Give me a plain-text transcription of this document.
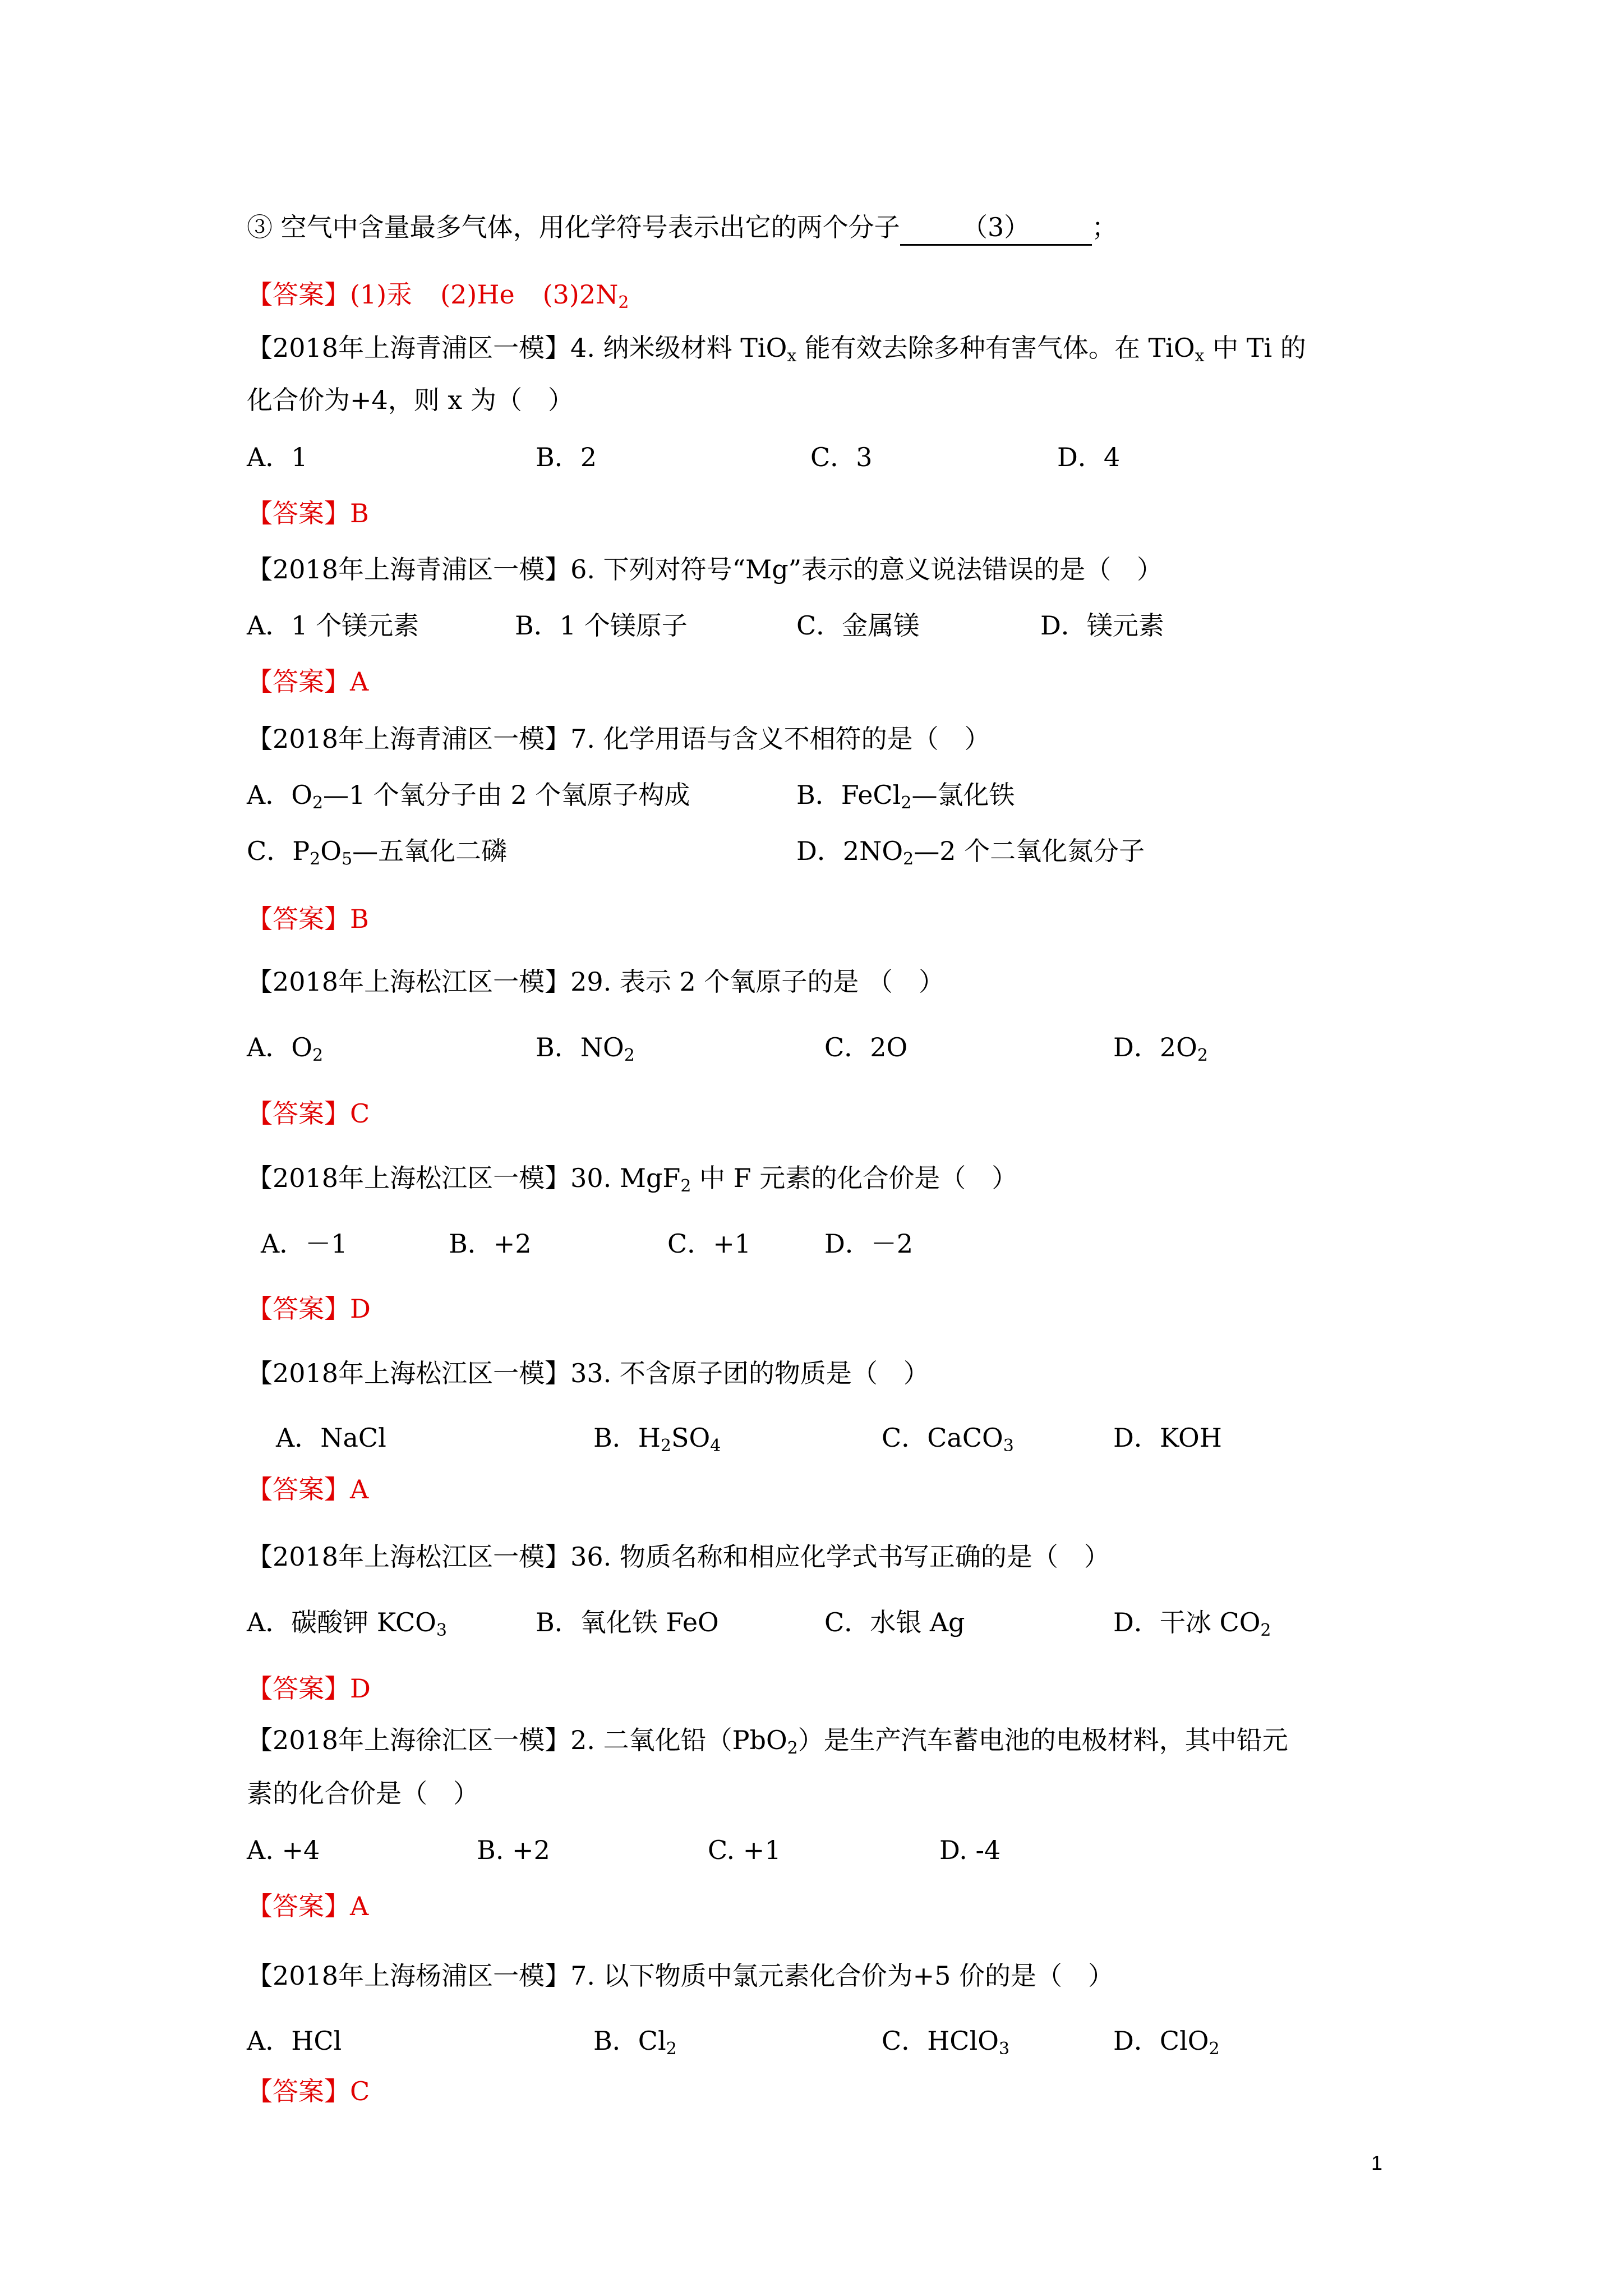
③ 空气中含量最多气体，用化学符号表示出它的两个分子 （3） ；
【答案】(1)汞 (2)He $(3)2N_2$
【2018年上海青浦区一模】4. 纳米级材料 TiO$_x$ 能有效去除多种有害气体。在 TiO$_x$ 中 Ti 的
化合价为+4，则 x 为（　）
A．1	B．2	C．3	D．4
【答案】B
【2018年上海青浦区一模】6. 下列对符号“Mg”表示的意义说法错误的是（　）
A．1 个镁元素	B．1 个镁原子	C．金属镁	D．镁元素
【答案】A
【2018年上海青浦区一模】7. 化学用语与含义不相符的是（　）
A．$O_2—1$ 个氧分子由 2 个氧原子构成	B．FeCl$_2$—氯化铁
C．$P_2O_5—$五氧化二磷	D．$2NO_2—2$ 个二氧化氮分子
【答案】B
【2018年上海松江区一模】29. 表示 2 个氧原子的是 （　）
A．$O_2$	B．$NO_2$	C．2O	D．$2O_2$
【答案】C
【2018年上海松江区一模】30. MgF$_2$ 中 F 元素的化合价是（　）
A．－1	B．+2	C．+1	D．－2
【答案】D
【2018年上海松江区一模】33. 不含原子团的物质是（　）
A．NaCl	B．$H_2SO_4$	C．CaCO$_3$	D．KOH
【答案】A
【2018年上海松江区一模】36. 物质名称和相应化学式书写正确的是（　）
A．碳酸钾 $KCO_3$	B．氧化铁 FeO	C．水银 Ag	D．干冰 $CO_2$
【答案】D
【2018年上海徐汇区一模】2. 二氧化铅（PbO$_2$）是生产汽车蓄电池的电极材料，其中铅元
素的化合价是（　）
A. +4	B. +2	C. +1	D. -4
【答案】A
【2018年上海杨浦区一模】7. 以下物质中氯元素化合价为+5 价的是（　）
A．HCl	B．$Cl_2$	C．HClO$_3$	D．ClO$_2$
【答案】C
1
